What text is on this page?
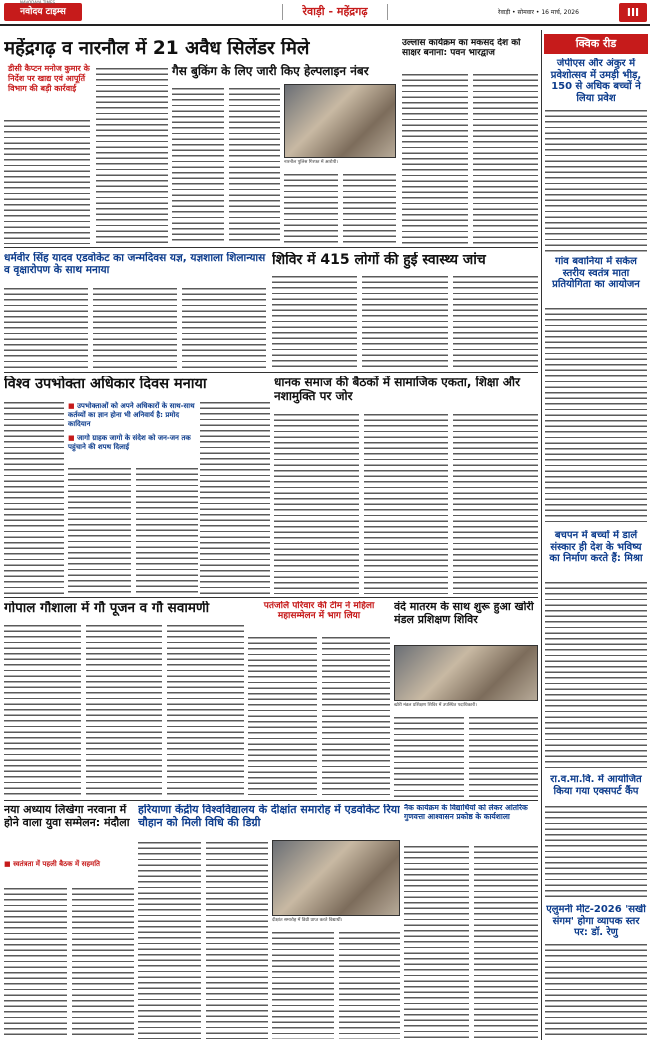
नवोदय टाइम्स
NAVODAYA TIMES
रेवाड़ी - महेंद्रगढ़	रेवाड़ी • सोमवार • 16 मार्च, 2026	III
महेंद्रगढ़ व नारनौल में 21 अवैध सिलेंडर मिले
डीसी कैप्टन मनोज कुमार के निर्देश पर खाद्य एवं आपूर्ति विभाग की बड़ी कार्रवाई
गैस बुकिंग के लिए जारी किए हेल्पलाइन नंबर
नारनौल पुलिस गिरफ्त में आरोपी।
उल्लास कार्यक्रम का मकसद देश को साक्षर बनाना: पवन भारद्वाज
धर्मवीर सिंह यादव एडवोकेट का जन्मदिवस यज्ञ, यज्ञशाला शिलान्यास व वृक्षारोपण के साथ मनाया
शिविर में 415 लोगों की हुई स्वास्थ्य जांच
विश्व उपभोक्ता अधिकार दिवस मनाया
■ उपभोक्ताओं को अपने अधिकारों के साथ-साथ कर्तव्यों का ज्ञान होना भी अनिवार्य है: प्रमोद कादियान
■ जागो ग्राहक जागो के संदेश को जन-जन तक पहुंचाने की शपथ दिलाई
धानक समाज की बैठकों में सामाजिक एकता, शिक्षा और नशामुक्ति पर जोर
गोपाल गौशाला में गौ पूजन व गौ सवामणी	पतंजलि परिवार की टीम ने महिला महासम्मेलन में भाग लिया
वंदे मातरम के साथ शुरू हुआ खोरी मंडल प्रशिक्षण शिविर
खोरी मंडल प्रशिक्षण शिविर में उपस्थित पदाधिकारी।
नया अध्याय लिखेगा नरवाना में होने वाला युवा सम्मेलन: मंदौला
■ स्वतंत्रता में पहली बैठक में सहमति
हरियाणा केंद्रीय विश्वविद्यालय के दीक्षांत समारोह में एडवोकेट रिया चौहान को मिली विधि की डिग्री
दीक्षांत समारोह में डिग्री प्राप्त करते विद्यार्थी।
नैक कार्यक्रम के विद्यार्थियों को लेकर आंतरिक गुणवत्ता आश्वासन प्रकोष्ठ के कार्यशाला
क्विक रीड
जेपीएस और अंकुर में प्रवेशोत्सव में उमड़ी भीड़, 150 से अधिक बच्चों ने लिया प्रवेश
गांव बवानिया में सर्कल स्तरीय स्वतंत्र माता प्रतियोगिता का आयोजन
बचपन में बच्चों में डालें संस्कार ही देश के भविष्य का निर्माण करते हैं: मिश्रा
रा.व.मा.वि. में आयोजित किया गया एक्सपर्ट कैंप
एलुमनी मीट-2026 'सखी संगम' होगा व्यापक स्तर पर: डॉ. रेणु
